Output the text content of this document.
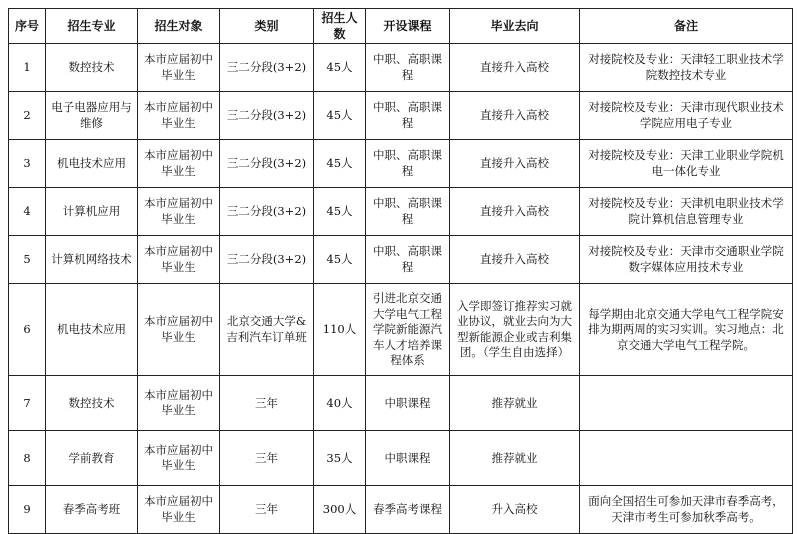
序号	招生专业	招生对象	类别	招生人数	开设课程	毕业去向	备注
1	数控技术	本市应届初中毕业生	三二分段(3+2)	45人	中职、高职课程	直接升入高校	对接院校及专业：天津轻工职业技术学院数控技术专业
2	电子电器应用与维修	本市应届初中毕业生	三二分段(3+2)	45人	中职、高职课程	直接升入高校	对接院校及专业：天津市现代职业技术学院应用电子专业
3	机电技术应用	本市应届初中毕业生	三二分段(3+2)	45人	中职、高职课程	直接升入高校	对接院校及专业：天津工业职业学院机电一体化专业
4	计算机应用	本市应届初中毕业生	三二分段(3+2)	45人	中职、高职课程	直接升入高校	对接院校及专业：天津机电职业技术学院计算机信息管理专业
5	计算机网络技术	本市应届初中毕业生	三二分段(3+2)	45人	中职、高职课程	直接升入高校	对接院校及专业：天津市交通职业学院数字媒体应用技术专业
6	机电技术应用	本市应届初中毕业生	北京交通大学&吉利汽车订单班	110人	引进北京交通大学电气工程学院新能源汽车人才培养课程体系	入学即签订推荐实习就业协议，就业去向为大型新能源企业或吉利集团。（学生自由选择）	每学期由北京交通大学电气工程学院安排为期两周的实习实训。实习地点：北京交通大学电气工程学院。
7	数控技术	本市应届初中毕业生	三年	40人	中职课程	推荐就业	
8	学前教育	本市应届初中毕业生	三年	35人	中职课程	推荐就业	
9	春季高考班	本市应届初中毕业生	三年	300人	春季高考课程	升入高校	面向全国招生可参加天津市春季高考，天津市考生可参加秋季高考。
